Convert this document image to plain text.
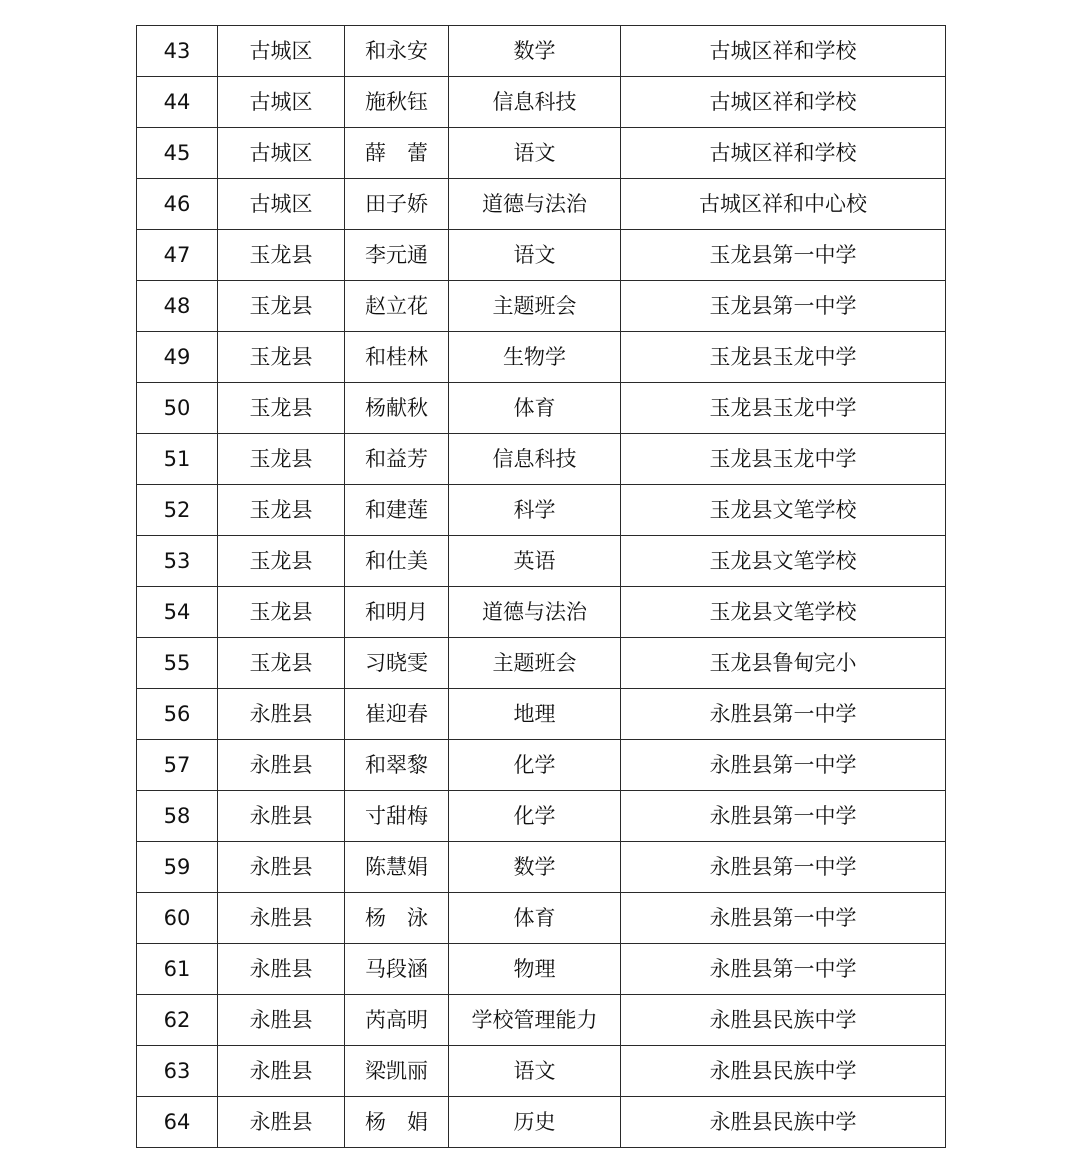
43	古城区	和永安	数学	古城区祥和学校
44	古城区	施秋钰	信息科技	古城区祥和学校
45	古城区	薛　蕾	语文	古城区祥和学校
46	古城区	田子娇	道德与法治	古城区祥和中心校
47	玉龙县	李元通	语文	玉龙县第一中学
48	玉龙县	赵立花	主题班会	玉龙县第一中学
49	玉龙县	和桂林	生物学	玉龙县玉龙中学
50	玉龙县	杨献秋	体育	玉龙县玉龙中学
51	玉龙县	和益芳	信息科技	玉龙县玉龙中学
52	玉龙县	和建莲	科学	玉龙县文笔学校
53	玉龙县	和仕美	英语	玉龙县文笔学校
54	玉龙县	和明月	道德与法治	玉龙县文笔学校
55	玉龙县	习晓雯	主题班会	玉龙县鲁甸完小
56	永胜县	崔迎春	地理	永胜县第一中学
57	永胜县	和翠黎	化学	永胜县第一中学
58	永胜县	寸甜梅	化学	永胜县第一中学
59	永胜县	陈慧娟	数学	永胜县第一中学
60	永胜县	杨　泳	体育	永胜县第一中学
61	永胜县	马段涵	物理	永胜县第一中学
62	永胜县	芮高明	学校管理能力	永胜县民族中学
63	永胜县	梁凯丽	语文	永胜县民族中学
64	永胜县	杨　娟	历史	永胜县民族中学
